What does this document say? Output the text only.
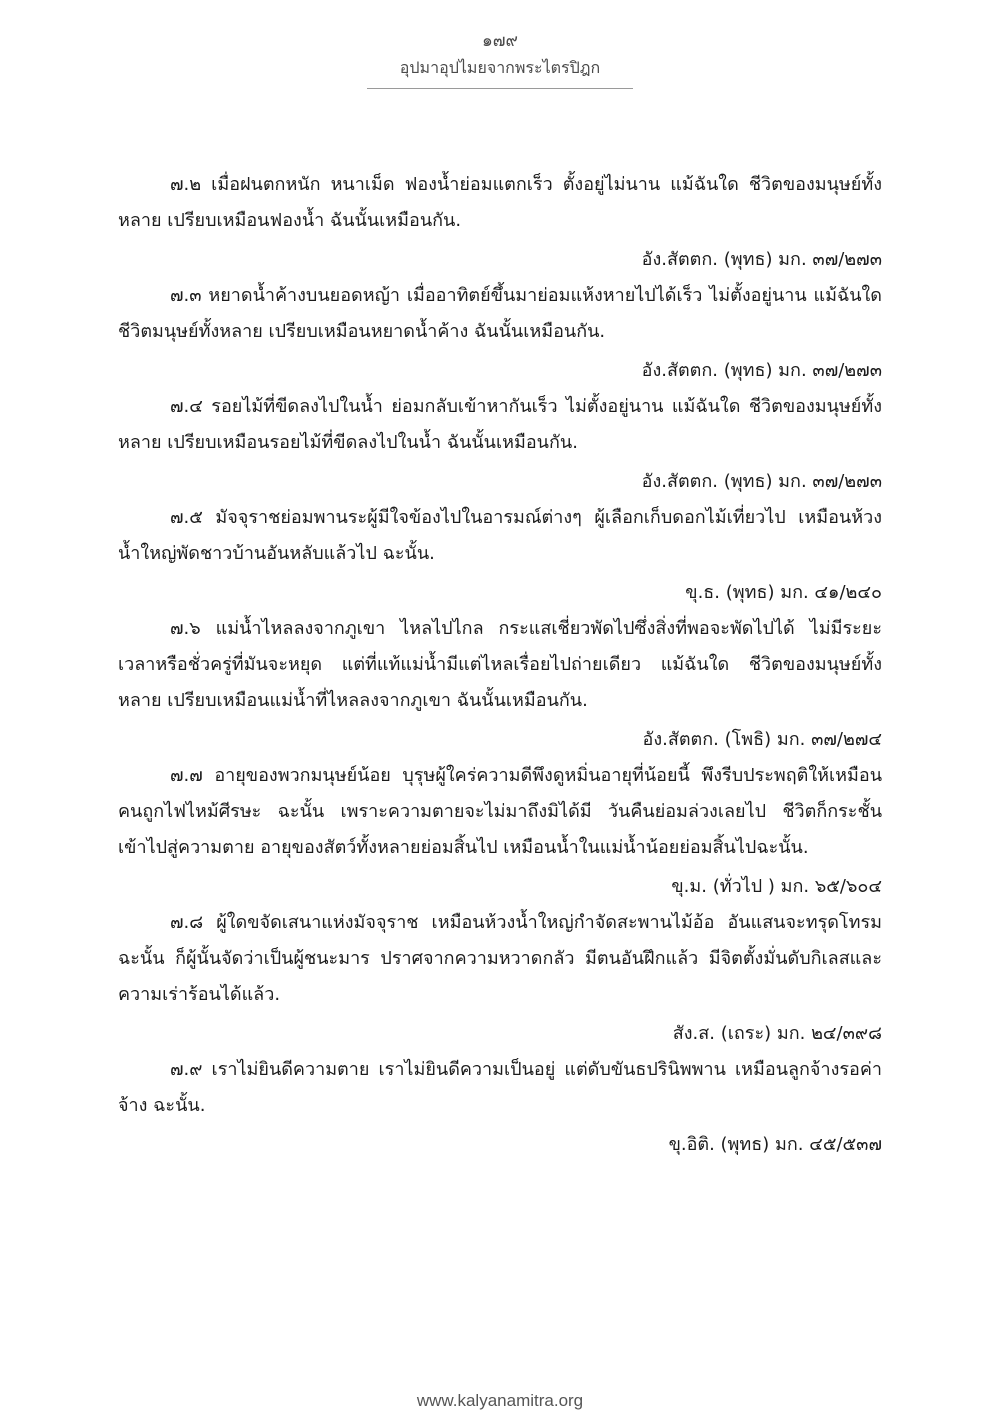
๑๗๙
อุปมาอุปไมยจากพระไตรปิฎก

๗.๒ เมื่อฝนตกหนัก หนาเม็ด ฟองน้ำย่อมแตกเร็ว ตั้งอยู่ไม่นาน แม้ฉันใด ชีวิตของมนุษย์ทั้งหลาย เปรียบเหมือนฟองน้ำ ฉันนั้นเหมือนกัน.

อัง.สัตตก. (พุทธ) มก. ๓๗/๒๗๓

๗.๓ หยาดน้ำค้างบนยอดหญ้า เมื่ออาทิตย์ขึ้นมาย่อมแห้งหายไปได้เร็ว ไม่ตั้งอยู่นาน แม้ฉันใด ชีวิตมนุษย์ทั้งหลาย เปรียบเหมือนหยาดน้ำค้าง ฉันนั้นเหมือนกัน.

อัง.สัตตก. (พุทธ) มก. ๓๗/๒๗๓

๗.๔ รอยไม้ที่ขีดลงไปในน้ำ ย่อมกลับเข้าหากันเร็ว ไม่ตั้งอยู่นาน แม้ฉันใด ชีวิตของมนุษย์ทั้งหลาย เปรียบเหมือนรอยไม้ที่ขีดลงไปในน้ำ ฉันนั้นเหมือนกัน.

อัง.สัตตก. (พุทธ) มก. ๓๗/๒๗๓

๗.๕ มัจจุราชย่อมพานระผู้มีใจข้องไปในอารมณ์ต่างๆ ผู้เลือกเก็บดอกไม้เที่ยวไป เหมือนห้วงน้ำใหญ่พัดชาวบ้านอันหลับแล้วไป ฉะนั้น.

ขุ.ธ. (พุทธ) มก. ๔๑/๒๔๐

๗.๖ แม่น้ำไหลลงจากภูเขา ไหลไปไกล กระแสเชี่ยวพัดไปซึ่งสิ่งที่พอจะพัดไปได้ ไม่มีระยะเวลาหรือชั่วครู่ที่มันจะหยุด แต่ที่แท้แม่น้ำมีแต่ไหลเรื่อยไปถ่ายเดียว แม้ฉันใด ชีวิตของมนุษย์ทั้งหลาย เปรียบเหมือนแม่น้ำที่ไหลลงจากภูเขา ฉันนั้นเหมือนกัน.

อัง.สัตตก. (โพธิ) มก. ๓๗/๒๗๔

๗.๗ อายุของพวกมนุษย์น้อย บุรุษผู้ใคร่ความดีพึงดูหมิ่นอายุที่น้อยนี้ พึงรีบประพฤติให้เหมือนคนถูกไฟไหม้ศีรษะ ฉะนั้น เพราะความตายจะไม่มาถึงมิได้มี วันคืนย่อมล่วงเลยไป ชีวิตก็กระชั้นเข้าไปสู่ความตาย อายุของสัตว์ทั้งหลายย่อมสิ้นไป เหมือนน้ำในแม่น้ำน้อยย่อมสิ้นไปฉะนั้น.

ขุ.ม. (ทั่วไป ) มก. ๖๕/๖๐๔

๗.๘ ผู้ใดขจัดเสนาแห่งมัจจุราช เหมือนห้วงน้ำใหญ่กำจัดสะพานไม้อ้อ อันแสนจะทรุดโทรมฉะนั้น ก็ผู้นั้นจัดว่าเป็นผู้ชนะมาร ปราศจากความหวาดกลัว มีตนอันฝึกแล้ว มีจิตตั้งมั่นดับกิเลสและความเร่าร้อนได้แล้ว.

สัง.ส. (เถระ) มก. ๒๔/๓๙๘

๗.๙ เราไม่ยินดีความตาย เราไม่ยินดีความเป็นอยู่ แต่ดับขันธปรินิพพาน เหมือนลูกจ้างรอค่าจ้าง ฉะนั้น.

ขุ.อิติ. (พุทธ) มก. ๔๕/๕๓๗

www.kalyanamitra.org
